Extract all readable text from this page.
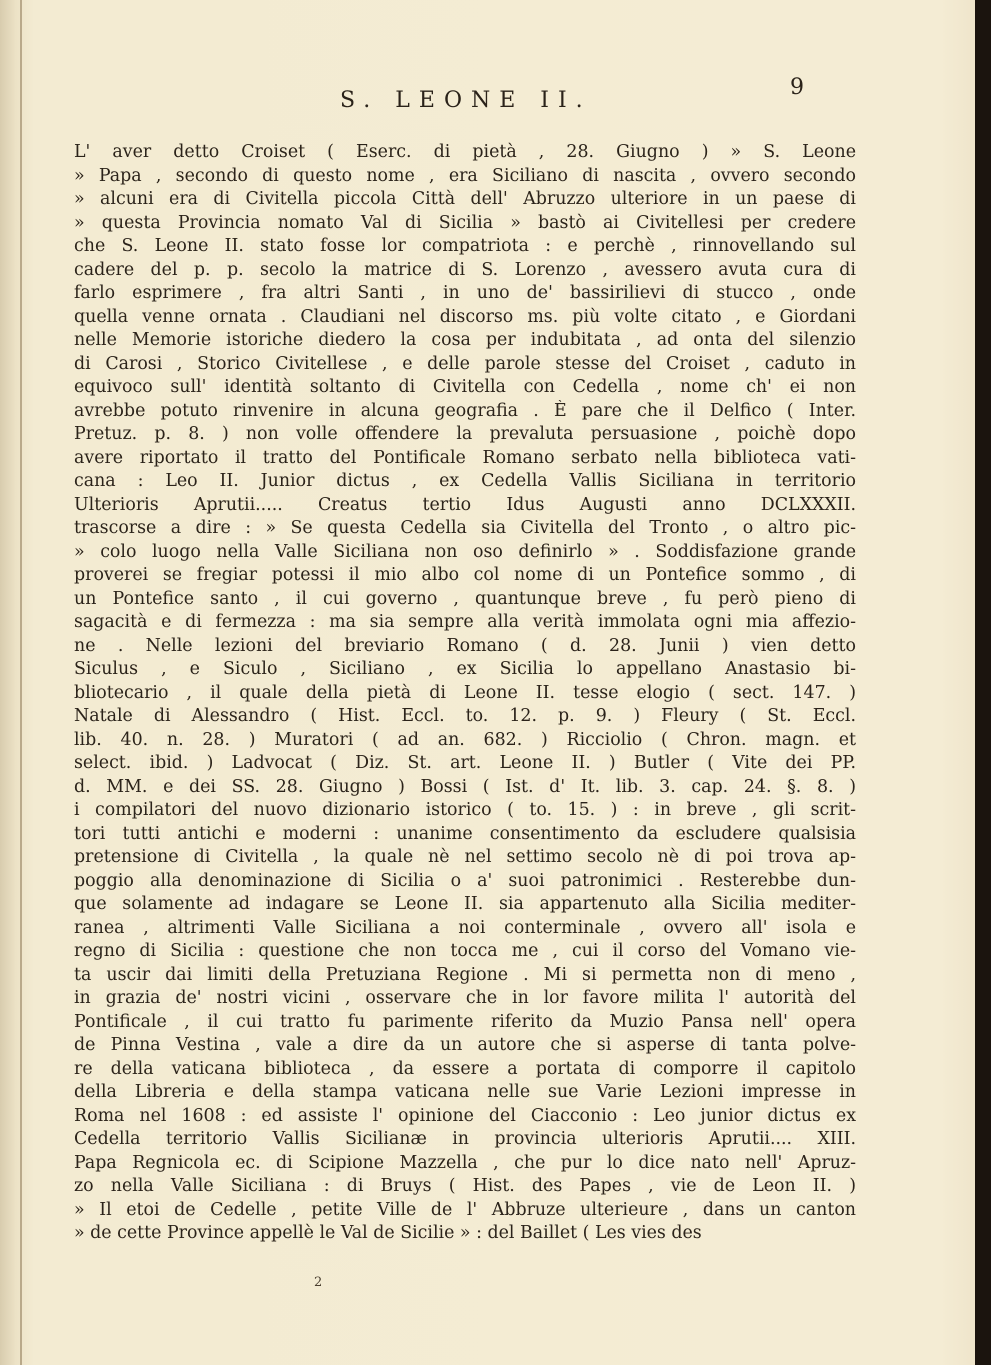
S. LEONE II.
9
L' aver detto Croiset ( Eserc. di pietà , 28. Giugno ) » S. Leone
» Papa , secondo di questo nome , era Siciliano di nascita , ovvero secondo
» alcuni era di Civitella piccola Città dell' Abruzzo ulteriore in un paese di
» questa Provincia nomato Val di Sicilia » bastò ai Civitellesi per credere
che S. Leone II. stato fosse lor compatriota : e perchè , rinnovellando sul
cadere del p. p. secolo la matrice di S. Lorenzo , avessero avuta cura di
farlo esprimere , fra altri Santi , in uno de' bassirilievi di stucco , onde
quella venne ornata . Claudiani nel discorso ms. più volte citato , e Giordani
nelle Memorie istoriche diedero la cosa per indubitata , ad onta del silenzio
di Carosi , Storico Civitellese , e delle parole stesse del Croiset , caduto in
equivoco sull' identità soltanto di Civitella con Cedella , nome ch' ei non
avrebbe potuto rinvenire in alcuna geografia . È pare che il Delfico ( Inter.
Pretuz. p. 8. ) non volle offendere la prevaluta persuasione , poichè dopo
avere riportato il tratto del Pontificale Romano serbato nella biblioteca vati-
cana : Leo II. Junior dictus , ex Cedella Vallis Siciliana in territorio
Ulterioris Aprutii..... Creatus tertio Idus Augusti anno DCLXXXII.
trascorse a dire : » Se questa Cedella sia Civitella del Tronto , o altro pic-
» colo luogo nella Valle Siciliana non oso definirlo » . Soddisfazione grande
proverei se fregiar potessi il mio albo col nome di un Pontefice sommo , di
un Pontefice santo , il cui governo , quantunque breve , fu però pieno di
sagacità e di fermezza : ma sia sempre alla verità immolata ogni mia affezio-
ne . Nelle lezioni del breviario Romano ( d. 28. Junii ) vien detto
Siculus , e Siculo , Siciliano , ex Sicilia lo appellano Anastasio bi-
bliotecario , il quale della pietà di Leone II. tesse elogio ( sect. 147. )
Natale di Alessandro ( Hist. Eccl. to. 12. p. 9. ) Fleury ( St. Eccl.
lib. 40. n. 28. ) Muratori ( ad an. 682. ) Ricciolio ( Chron. magn. et
select. ibid. ) Ladvocat ( Diz. St. art. Leone II. ) Butler ( Vite dei PP.
d. MM. e dei SS. 28. Giugno ) Bossi ( Ist. d' It. lib. 3. cap. 24. §. 8. )
i compilatori del nuovo dizionario istorico ( to. 15. ) : in breve , gli scrit-
tori tutti antichi e moderni : unanime consentimento da escludere qualsisia
pretensione di Civitella , la quale nè nel settimo secolo nè di poi trova ap-
poggio alla denominazione di Sicilia o a' suoi patronimici . Resterebbe dun-
que solamente ad indagare se Leone II. sia appartenuto alla Sicilia mediter-
ranea , altrimenti Valle Siciliana a noi conterminale , ovvero all' isola e
regno di Sicilia : questione che non tocca me , cui il corso del Vomano vie-
ta uscir dai limiti della Pretuziana Regione . Mi si permetta non di meno ,
in grazia de' nostri vicini , osservare che in lor favore milita l' autorità del
Pontificale , il cui tratto fu parimente riferito da Muzio Pansa nell' opera
de Pinna Vestina , vale a dire da un autore che si asperse di tanta polve-
re della vaticana biblioteca , da essere a portata di comporre il capitolo
della Libreria e della stampa vaticana nelle sue Varie Lezioni impresse in
Roma nel 1608 : ed assiste l' opinione del Ciacconio : Leo junior dictus ex
Cedella territorio Vallis Sicilianæ in provincia ulterioris Aprutii.... XIII.
Papa Regnicola ec. di Scipione Mazzella , che pur lo dice nato nell' Apruz-
zo nella Valle Siciliana : di Bruys ( Hist. des Papes , vie de Leon II. )
» Il etoi de Cedelle , petite Ville de l' Abbruze ulterieure , dans un canton
» de cette Province appellè le Val de Sicilie » : del Baillet ( Les vies des
2
